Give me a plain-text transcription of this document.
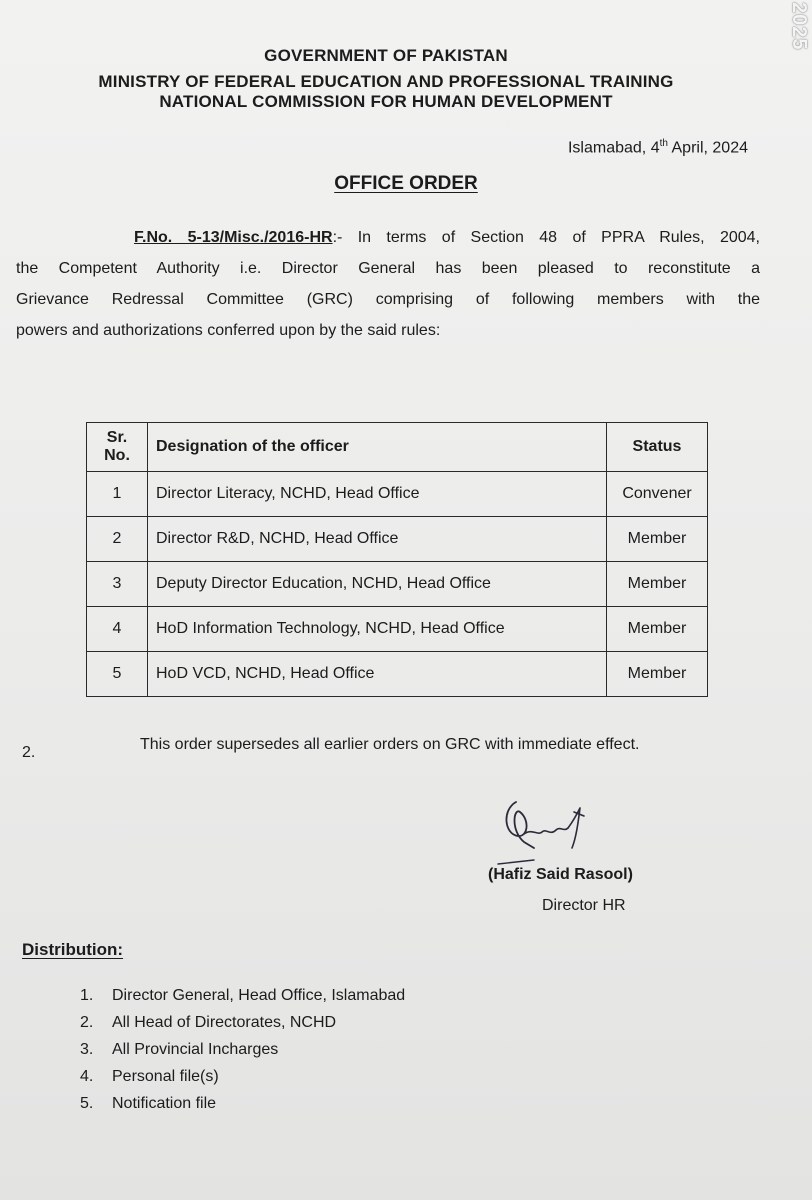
2025
GOVERNMENT OF PAKISTAN
MINISTRY OF FEDERAL EDUCATION AND PROFESSIONAL TRAINING
NATIONAL COMMISSION FOR HUMAN DEVELOPMENT
Islamabad, 4th April, 2024
OFFICE ORDER
F.No. 5-13/Misc./2016-HR:- In terms of Section 48 of PPRA Rules, 2004,
the Competent Authority i.e. Director General has been pleased to reconstitute a
Grievance Redressal Committee (GRC) comprising of following members with the
powers and authorizations conferred upon by the said rules:
Sr. No.	Designation of the officer	Status
1	Director Literacy, NCHD, Head Office	Convener
2	Director R&D, NCHD, Head Office	Member
3	Deputy Director Education, NCHD, Head Office	Member
4	HoD Information Technology, NCHD, Head Office	Member
5	HoD VCD, NCHD, Head Office	Member
2.	This order supersedes all earlier orders on GRC with immediate effect.
(Hafiz Said Rasool)
Director HR
Distribution:
1. Director General, Head Office, Islamabad
2. All Head of Directorates, NCHD
3. All Provincial Incharges
4. Personal file(s)
5. Notification file
